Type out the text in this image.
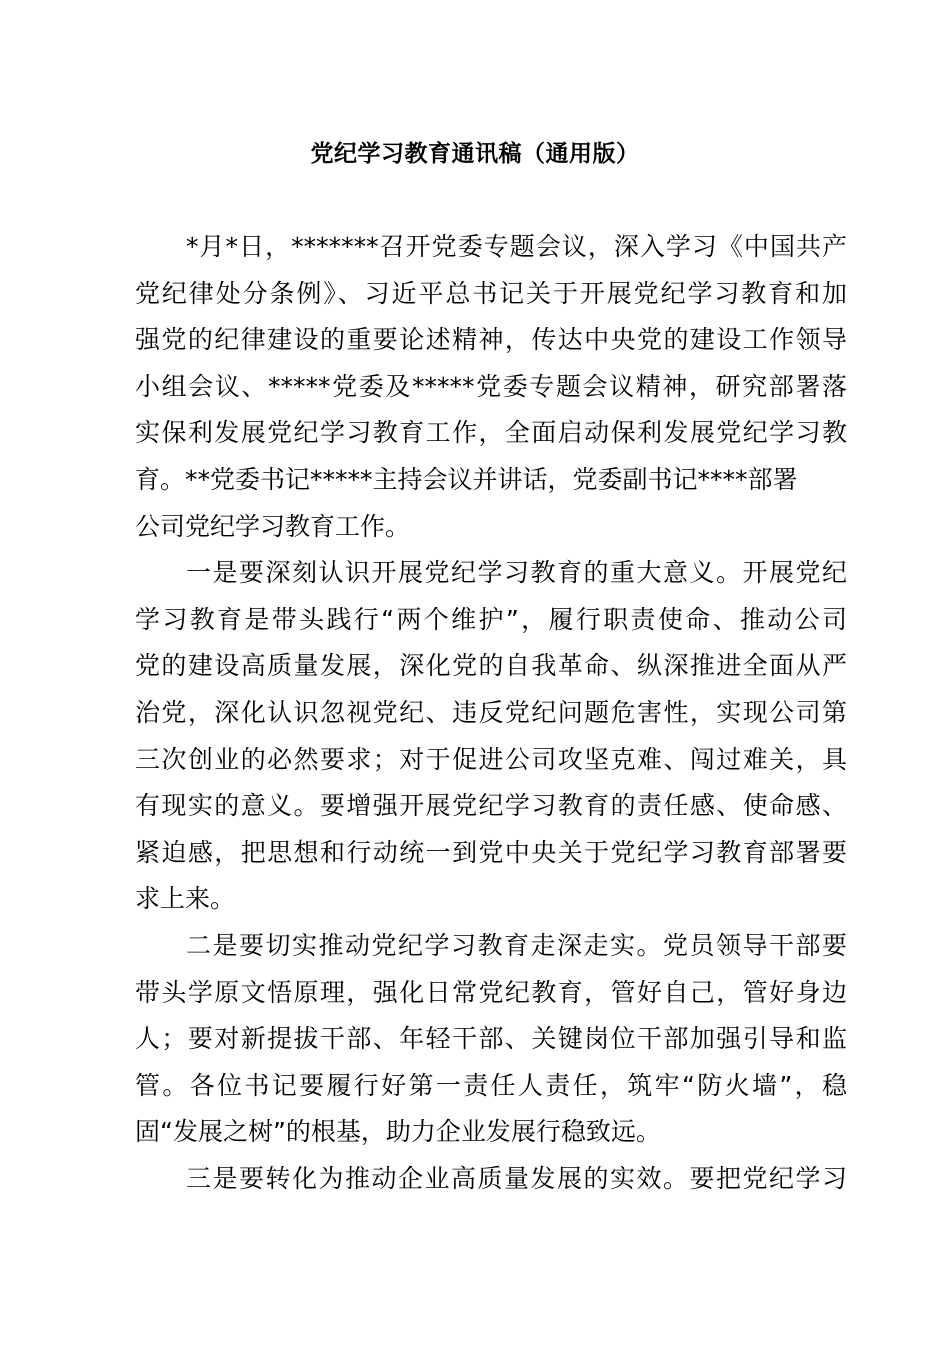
党纪学习教育通讯稿（通用版）
*月*日，*******召开党委专题会议，深入学习《中国共产
党纪律处分条例》、习近平总书记关于开展党纪学习教育和加
强党的纪律建设的重要论述精神，传达中央党的建设工作领导
小组会议、*****党委及*****党委专题会议精神，研究部署落
实保利发展党纪学习教育工作，全面启动保利发展党纪学习教
育。**党委书记*****主持会议并讲话，党委副书记****部署
公司党纪学习教育工作。
一是要深刻认识开展党纪学习教育的重大意义。开展党纪
学习教育是带头践行“两个维护”，履行职责使命、推动公司
党的建设高质量发展，深化党的自我革命、纵深推进全面从严
治党，深化认识忽视党纪、违反党纪问题危害性，实现公司第
三次创业的必然要求；对于促进公司攻坚克难、闯过难关，具
有现实的意义。要增强开展党纪学习教育的责任感、使命感、
紧迫感，把思想和行动统一到党中央关于党纪学习教育部署要
求上来。
二是要切实推动党纪学习教育走深走实。党员领导干部要
带头学原文悟原理，强化日常党纪教育，管好自己，管好身边
人；要对新提拔干部、年轻干部、关键岗位干部加强引导和监
管。各位书记要履行好第一责任人责任，筑牢“防火墙”，稳
固“发展之树”的根基，助力企业发展行稳致远。
三是要转化为推动企业高质量发展的实效。要把党纪学习
